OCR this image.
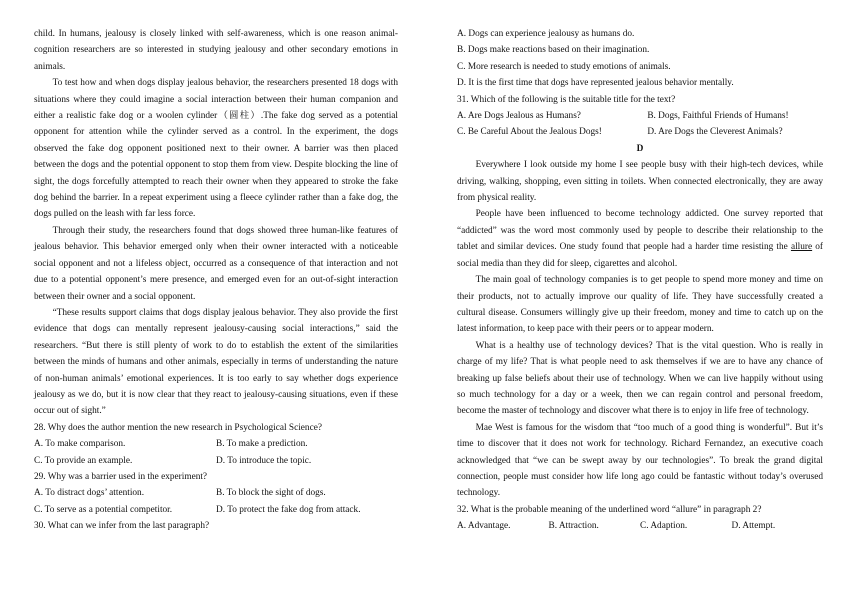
child. In humans, jealousy is closely linked with self-awareness, which is one reason animal-cognition researchers are so interested in studying jealousy and other secondary emotions in animals.

To test how and when dogs display jealous behavior, the researchers presented 18 dogs with situations where they could imagine a social interaction between their human companion and either a realistic fake dog or a woolen cylinder（圆柱）.The fake dog served as a potential opponent for attention while the cylinder served as a control. In the experiment, the dogs observed the fake dog opponent positioned next to their owner. A barrier was then placed between the dogs and the potential opponent to stop them from view. Despite blocking the line of sight, the dogs forcefully attempted to reach their owner when they appeared to stroke the fake dog behind the barrier. In a repeat experiment using a fleece cylinder rather than a fake dog, the dogs pulled on the leash with far less force.

Through their study, the researchers found that dogs showed three human-like features of jealous behavior. This behavior emerged only when their owner interacted with a noticeable social opponent and not a lifeless object, occurred as a consequence of that interaction and not due to a potential opponent’s mere presence, and emerged even for an out-of-sight interaction between their owner and a social opponent.

“These results support claims that dogs display jealous behavior. They also provide the first evidence that dogs can mentally represent jealousy-causing social interactions,” said the researchers. “But there is still plenty of work to do to establish the extent of the similarities between the minds of humans and other animals, especially in terms of understanding the nature of non-human animals’ emotional experiences. It is too early to say whether dogs experience jealousy as we do, but it is now clear that they react to jealousy-causing situations, even if these occur out of sight.”

28. Why does the author mention the new research in Psychological Science?

A. To make comparison.	B. To make a prediction.
C. To provide an example.	D. To introduce the topic.

29. Why was a barrier used in the experiment?

A. To distract dogs’ attention.	B. To block the sight of dogs.
C. To serve as a potential competitor.	D. To protect the fake dog from attack.

30. What can we infer from the last paragraph?

A. Dogs can experience jealousy as humans do.

B. Dogs make reactions based on their imagination.

C. More research is needed to study emotions of animals.

D. It is the first time that dogs have represented jealous behavior mentally.

31. Which of the following is the suitable title for the text?

A. Are Dogs Jealous as Humans?	B. Dogs, Faithful Friends of Humans!
C. Be Careful About the Jealous Dogs!	D. Are Dogs the Cleverest Animals?

D

Everywhere I look outside my home I see people busy with their high-tech devices, while driving, walking, shopping, even sitting in toilets. When connected electronically, they are away from physical reality.

People have been influenced to become technology addicted. One survey reported that “addicted” was the word most commonly used by people to describe their relationship to the tablet and similar devices. One study found that people had a harder time resisting the allure of social media than they did for sleep, cigarettes and alcohol.

The main goal of technology companies is to get people to spend more money and time on their products, not to actually improve our quality of life. They have successfully created a cultural disease. Consumers willingly give up their freedom, money and time to catch up on the latest information, to keep pace with their peers or to appear modern.

What is a healthy use of technology devices? That is the vital question. Who is really in charge of my life? That is what people need to ask themselves if we are to have any chance of breaking up false beliefs about their use of technology. When we can live happily without using so much technology for a day or a week, then we can regain control and personal freedom, become the master of technology and discover what there is to enjoy in life free of technology.

Mae West is famous for the wisdom that “too much of a good thing is wonderful”. But it’s time to discover that it does not work for technology. Richard Fernandez, an executive coach acknowledged that “we can be swept away by our technologies”. To break the grand digital connection, people must consider how life long ago could be fantastic without today’s overused technology.

32. What is the probable meaning of the underlined word “allure” in paragraph 2?

A. Advantage.	B. Attraction.	C. Adaption.	D. Attempt.
